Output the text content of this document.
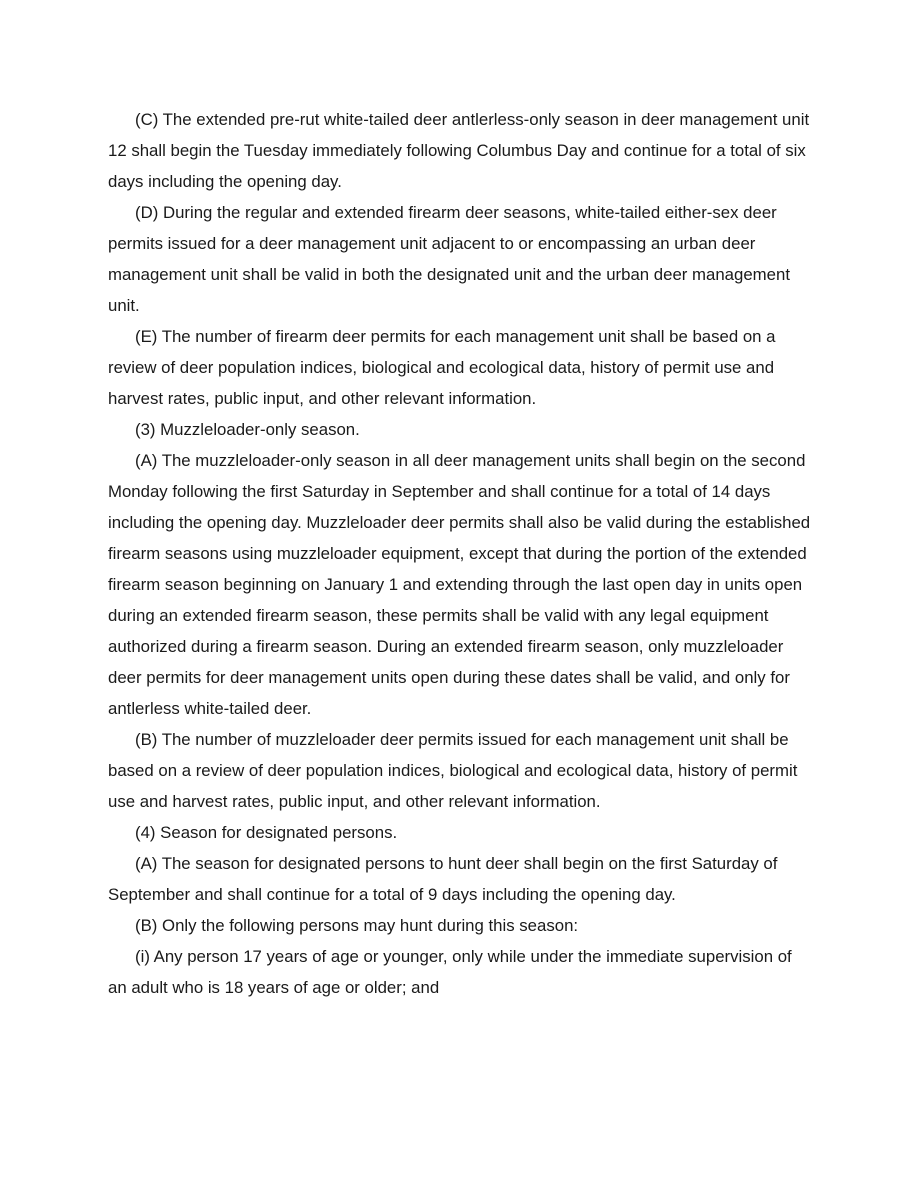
(C) The extended pre-rut white-tailed deer antlerless-only season in deer management unit 12 shall begin the Tuesday immediately following Columbus Day and continue for a total of six days including the opening day.

(D) During the regular and extended firearm deer seasons, white-tailed either-sex deer permits issued for a deer management unit adjacent to or encompassing an urban deer management unit shall be valid in both the designated unit and the urban deer management unit.

(E) The number of firearm deer permits for each management unit shall be based on a review of deer population indices, biological and ecological data, history of permit use and harvest rates, public input, and other relevant information.

(3) Muzzleloader-only season.

(A) The muzzleloader-only season in all deer management units shall begin on the second Monday following the first Saturday in September and shall continue for a total of 14 days including the opening day. Muzzleloader deer permits shall also be valid during the established firearm seasons using muzzleloader equipment, except that during the portion of the extended firearm season beginning on January 1 and extending through the last open day in units open during an extended firearm season, these permits shall be valid with any legal equipment authorized during a firearm season. During an extended firearm season, only muzzleloader deer permits for deer management units open during these dates shall be valid, and only for antlerless white-tailed deer.

(B) The number of muzzleloader deer permits issued for each management unit shall be based on a review of deer population indices, biological and ecological data, history of permit use and harvest rates, public input, and other relevant information.

(4) Season for designated persons.

(A) The season for designated persons to hunt deer shall begin on the first Saturday of September and shall continue for a total of 9 days including the opening day.

(B) Only the following persons may hunt during this season:

(i) Any person 17 years of age or younger, only while under the immediate supervision of an adult who is 18 years of age or older; and
